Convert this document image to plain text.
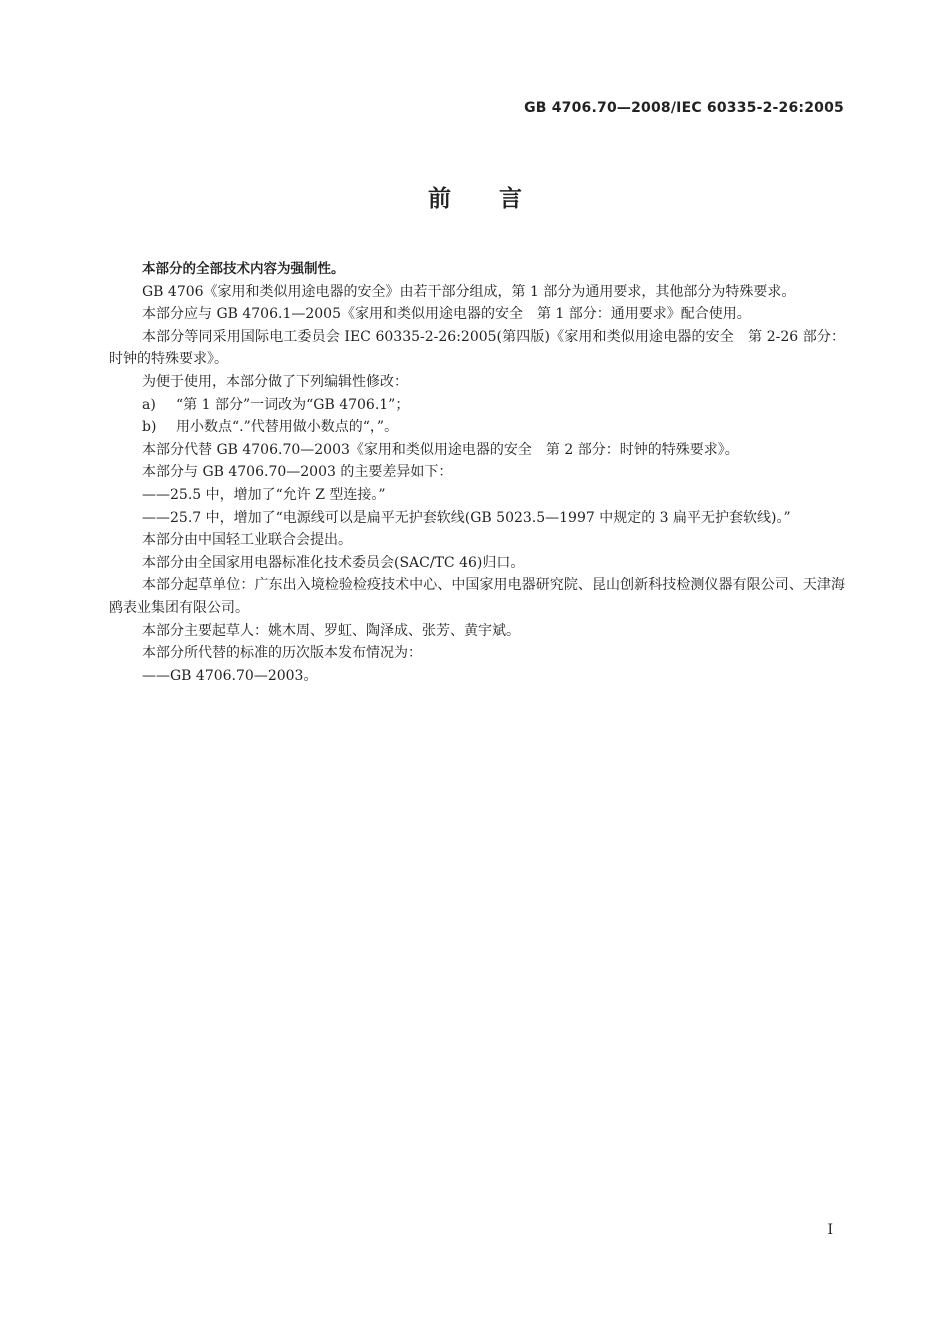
GB 4706.70—2008/IEC 60335-2-26:2005
前言

本部分的全部技术内容为强制性。

GB 4706《家用和类似用途电器的安全》由若干部分组成，第 1 部分为通用要求，其他部分为特殊要求。

本部分应与 GB 4706.1—2005《家用和类似用途电器的安全　第 1 部分：通用要求》配合使用。

本部分等同采用国际电工委员会 IEC 60335-2-26:2005(第四版)《家用和类似用途电器的安全　第 2-26 部分：时钟的特殊要求》。

为便于使用，本部分做了下列编辑性修改：

a) “第 1 部分”一词改为“GB 4706.1”；

b) 用小数点“.”代替用做小数点的“，”。

本部分代替 GB 4706.70—2003《家用和类似用途电器的安全　第 2 部分：时钟的特殊要求》。

本部分与 GB 4706.70—2003 的主要差异如下：

——25.5 中，增加了“允许 Z 型连接。”

——25.7 中，增加了“电源线可以是扁平无护套软线(GB 5023.5—1997 中规定的 3 扁平无护套软线)。”

本部分由中国轻工业联合会提出。

本部分由全国家用电器标准化技术委员会(SAC/TC 46)归口。

本部分起草单位：广东出入境检验检疫技术中心、中国家用电器研究院、昆山创新科技检测仪器有限公司、天津海鸥表业集团有限公司。

本部分主要起草人：姚木周、罗虹、陶泽成、张芳、黄宇斌。

本部分所代替的标准的历次版本发布情况为：

——GB 4706.70—2003。

I
